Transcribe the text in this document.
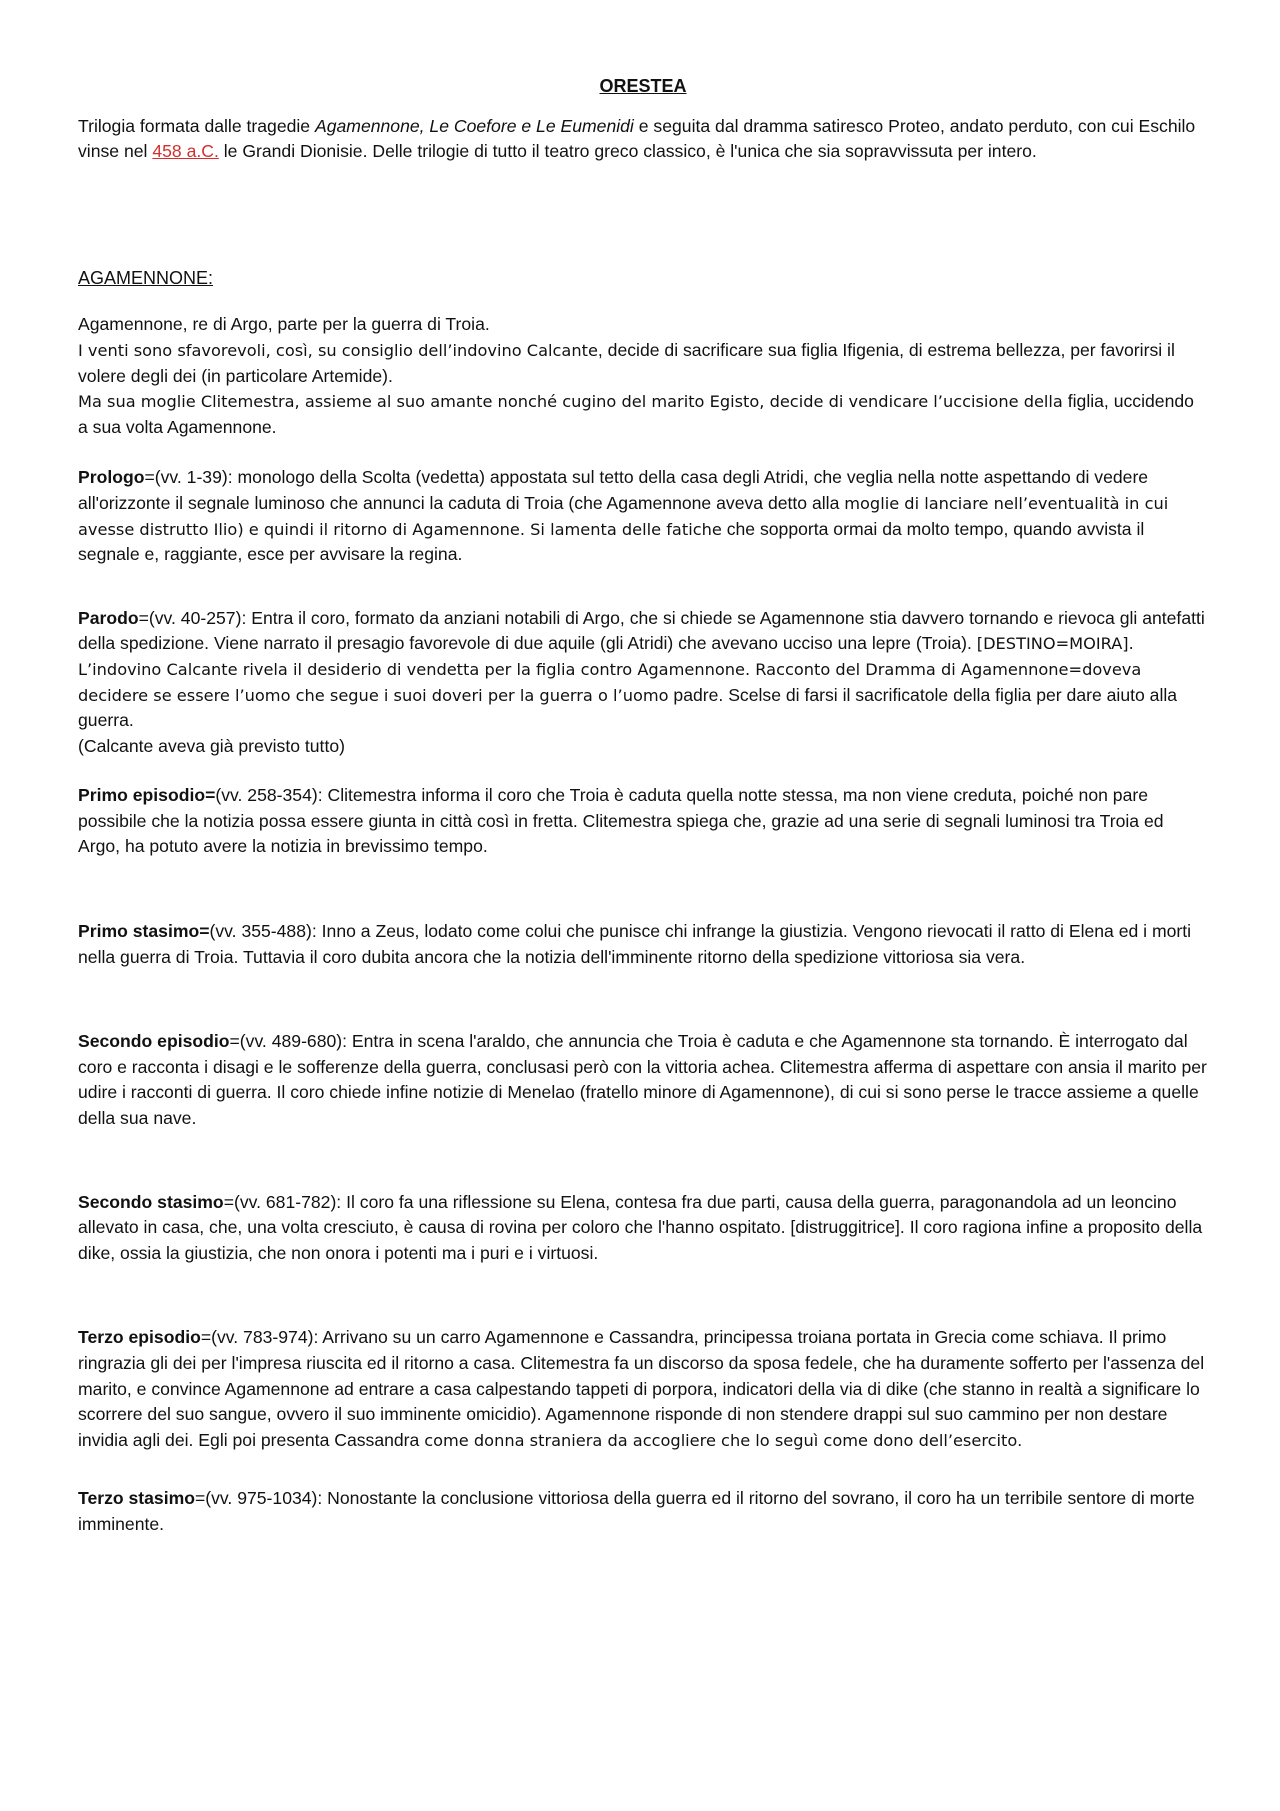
ORESTEA

Trilogia formata dalle tragedie Agamennone, Le Coefore e Le Eumenidi e seguita dal dramma satiresco Proteo, andato perduto, con cui Eschilo vinse nel 458 a.C. le Grandi Dionisie. Delle trilogie di tutto il teatro greco classico, è l'unica che sia sopravvissuta per intero.

AGAMENNONE:

Agamennone, re di Argo, parte per la guerra di Troia.
I venti sono sfavorevoli, così, su consiglio dell’indovino Calcante, decide di sacrificare sua figlia Ifigenia, di estrema bellezza, per favorirsi il volere degli dei (in particolare Artemide).
Ma sua moglie Clitemestra, assieme al suo amante nonché cugino del marito Egisto, decide di vendicare l’uccisione della figlia, uccidendo a sua volta Agamennone.

Prologo=(vv. 1-39): monologo della Scolta (vedetta) appostata sul tetto della casa degli Atridi, che veglia nella notte aspettando di vedere all'orizzonte il segnale luminoso che annunci la caduta di Troia (che Agamennone aveva detto alla moglie di lanciare nell’eventualità in cui avesse distrutto Ilio) e quindi il ritorno di Agamennone. Si lamenta delle fatiche che sopporta ormai da molto tempo, quando avvista il segnale e, raggiante, esce per avvisare la regina.

Parodo=(vv. 40-257): Entra il coro, formato da anziani notabili di Argo, che si chiede se Agamennone stia davvero tornando e rievoca gli antefatti della spedizione. Viene narrato il presagio favorevole di due aquile (gli Atridi) che avevano ucciso una lepre (Troia). [DESTINO=MOIRA]. L’indovino Calcante rivela il desiderio di vendetta per la figlia contro Agamennone. Racconto del Dramma di Agamennone=doveva decidere se essere l’uomo che segue i suoi doveri per la guerra o l’uomo padre. Scelse di farsi il sacrificatole della figlia per dare aiuto alla guerra.
(Calcante aveva già previsto tutto)

Primo episodio=(vv. 258-354): Clitemestra informa il coro che Troia è caduta quella notte stessa, ma non viene creduta, poiché non pare possibile che la notizia possa essere giunta in città così in fretta. Clitemestra spiega che, grazie ad una serie di segnali luminosi tra Troia ed Argo, ha potuto avere la notizia in brevissimo tempo.

Primo stasimo=(vv. 355-488): Inno a Zeus, lodato come colui che punisce chi infrange la giustizia. Vengono rievocati il ratto di Elena ed i morti nella guerra di Troia. Tuttavia il coro dubita ancora che la notizia dell'imminente ritorno della spedizione vittoriosa sia vera.

Secondo episodio=(vv. 489-680): Entra in scena l'araldo, che annuncia che Troia è caduta e che Agamennone sta tornando. È interrogato dal coro e racconta i disagi e le sofferenze della guerra, conclusasi però con la vittoria achea. Clitemestra afferma di aspettare con ansia il marito per udire i racconti di guerra. Il coro chiede infine notizie di Menelao (fratello minore di Agamennone), di cui si sono perse le tracce assieme a quelle della sua nave.

Secondo stasimo=(vv. 681-782): Il coro fa una riflessione su Elena, contesa fra due parti, causa della guerra, paragonandola ad un leoncino allevato in casa, che, una volta cresciuto, è causa di rovina per coloro che l'hanno ospitato. [distruggitrice]. Il coro ragiona infine a proposito della dike, ossia la giustizia, che non onora i potenti ma i puri e i virtuosi.

Terzo episodio=(vv. 783-974): Arrivano su un carro Agamennone e Cassandra, principessa troiana portata in Grecia come schiava. Il primo ringrazia gli dei per l'impresa riuscita ed il ritorno a casa. Clitemestra fa un discorso da sposa fedele, che ha duramente sofferto per l'assenza del marito, e convince Agamennone ad entrare a casa calpestando tappeti di porpora, indicatori della via di dike (che stanno in realtà a significare lo scorrere del suo sangue, ovvero il suo imminente omicidio). Agamennone risponde di non stendere drappi sul suo cammino per non destare invidia agli dei. Egli poi presenta Cassandra come donna straniera da accogliere che lo seguì come dono dell’esercito.

Terzo stasimo=(vv. 975-1034): Nonostante la conclusione vittoriosa della guerra ed il ritorno del sovrano, il coro ha un terribile sentore di morte imminente.
